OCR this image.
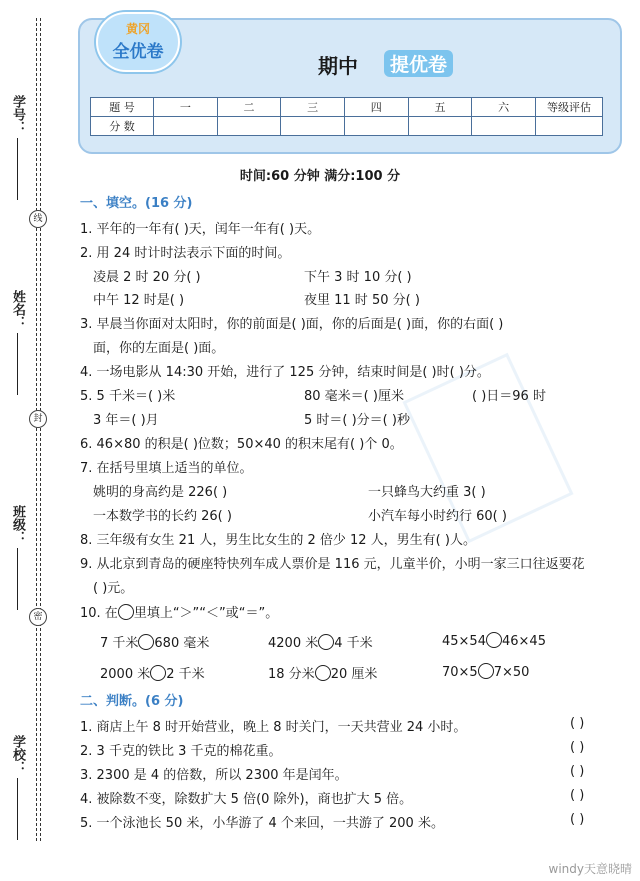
学号：
姓名：
班级：
学校：
线
封
密
黄冈
全优卷
期中	提优卷
题 号	一	二	三	四	五	六	等级评估
分 数							
时间:60 分钟 满分:100 分
一、填空。(16 分)
1. 平年的一年有( )天，闰年一年有( )天。
2. 用 24 时计时法表示下面的时间。
凌晨 2 时 20 分( )	下午 3 时 10 分( )
中午 12 时是( )	夜里 11 时 50 分( )
3. 早晨当你面对太阳时，你的前面是( )面，你的后面是( )面，你的右面( )
面，你的左面是( )面。
4. 一场电影从 14:30 开始，进行了 125 分钟，结束时间是( )时( )分。
5. 5 千米＝( )米	80 毫米＝( )厘米	( )日＝96 时
3 年＝( )月	5 时＝( )分＝( )秒
6. 46×80 的积是( )位数；50×40 的积末尾有( )个 0。
7. 在括号里填上适当的单位。
姚明的身高约是 226( )	一只蜂鸟大约重 3( )
一本数学书的长约 26( )	小汽车每小时约行 60( )
8. 三年级有女生 21 人，男生比女生的 2 倍少 12 人，男生有( )人。
9. 从北京到青岛的硬座特快列车成人票价是 116 元，儿童半价，小明一家三口往返要花
( )元。
10. 在 里填上“＞”“＜”或“＝”。
7 千米 680 毫米	4200 米 4 千米	45×54 46×45
2000 米 2 千米	18 分米 20 厘米	70×5 7×50
二、判断。(6 分)
1. 商店上午 8 时开始营业，晚上 8 时关门，一天共营业 24 小时。	( )
2. 3 千克的铁比 3 千克的棉花重。	( )
3. 2300 是 4 的倍数，所以 2300 年是闰年。	( )
4. 被除数不变，除数扩大 5 倍(0 除外)，商也扩大 5 倍。	( )
5. 一个泳池长 50 米，小华游了 4 个来回，一共游了 200 米。	( )
windy天意晓晴
